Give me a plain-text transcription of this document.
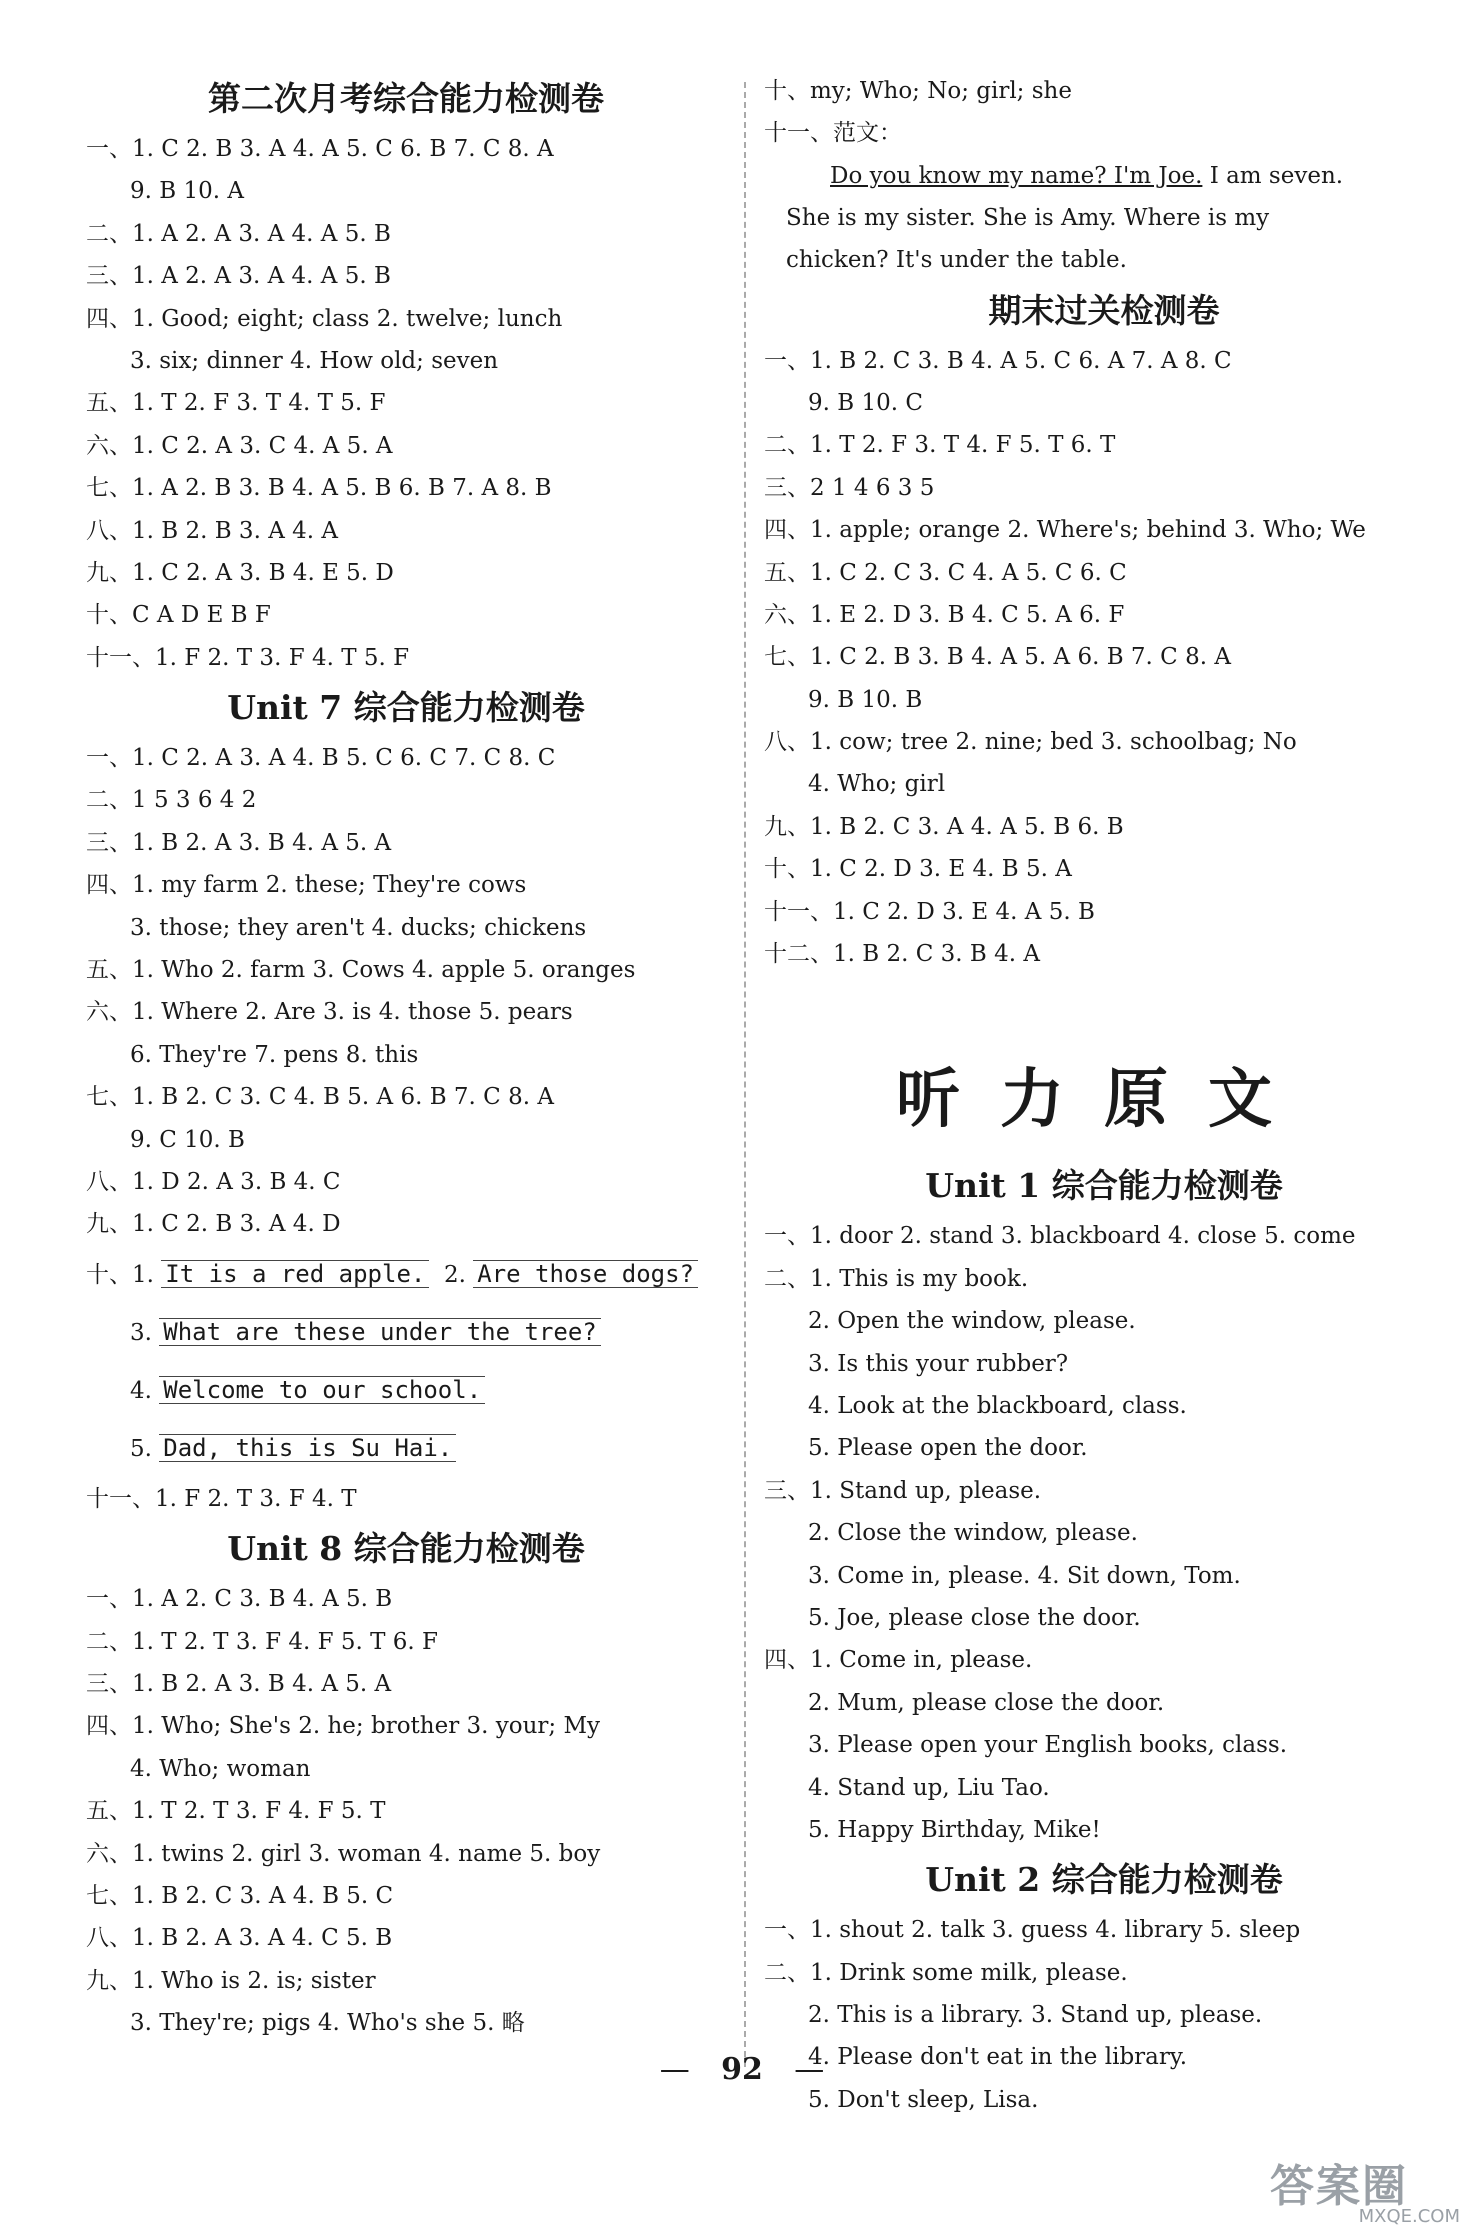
第二次月考综合能力检测卷
一、1. C 2. B 3. A 4. A 5. C 6. B 7. C 8. A
9. B 10. A
二、1. A 2. A 3. A 4. A 5. B
三、1. A 2. A 3. A 4. A 5. B
四、1. Good; eight; class 2. twelve; lunch
3. six; dinner 4. How old; seven
五、1. T 2. F 3. T 4. T 5. F
六、1. C 2. A 3. C 4. A 5. A
七、1. A 2. B 3. B 4. A 5. B 6. B 7. A 8. B
八、1. B 2. B 3. A 4. A
九、1. C 2. A 3. B 4. E 5. D
十、C A D E B F
十一、1. F 2. T 3. F 4. T 5. F
Unit 7 综合能力检测卷
一、1. C 2. A 3. A 4. B 5. C 6. C 7. C 8. C
二、1 5 3 6 4 2
三、1. B 2. A 3. B 4. A 5. A
四、1. my farm 2. these; They're cows
3. those; they aren't 4. ducks; chickens
五、1. Who 2. farm 3. Cows 4. apple 5. oranges
六、1. Where 2. Are 3. is 4. those 5. pears
6. They're 7. pens 8. this
七、1. B 2. C 3. C 4. B 5. A 6. B 7. C 8. A
9. C 10. B
八、1. D 2. A 3. B 4. C
九、1. C 2. B 3. A 4. D
十、1. It is a red apple. 2. Are those dogs?
3. What are these under the tree?
4. Welcome to our school.
5. Dad, this is Su Hai.
十一、1. F 2. T 3. F 4. T
Unit 8 综合能力检测卷
一、1. A 2. C 3. B 4. A 5. B
二、1. T 2. T 3. F 4. F 5. T 6. F
三、1. B 2. A 3. B 4. A 5. A
四、1. Who; She's 2. he; brother 3. your; My
4. Who; woman
五、1. T 2. T 3. F 4. F 5. T
六、1. twins 2. girl 3. woman 4. name 5. boy
七、1. B 2. C 3. A 4. B 5. C
八、1. B 2. A 3. A 4. C 5. B
九、1. Who is 2. is; sister
3. They're; pigs 4. Who's she 5. 略
十、my; Who; No; girl; she
十一、范文：
Do you know my name? I'm Joe. I am seven.
She is my sister. She is Amy. Where is my
chicken? It's under the table.
期末过关检测卷
一、1. B 2. C 3. B 4. A 5. C 6. A 7. A 8. C
9. B 10. C
二、1. T 2. F 3. T 4. F 5. T 6. T
三、2 1 4 6 3 5
四、1. apple; orange 2. Where's; behind 3. Who; We
五、1. C 2. C 3. C 4. A 5. C 6. C
六、1. E 2. D 3. B 4. C 5. A 6. F
七、1. C 2. B 3. B 4. A 5. A 6. B 7. C 8. A
9. B 10. B
八、1. cow; tree 2. nine; bed 3. schoolbag; No
4. Who; girl
九、1. B 2. C 3. A 4. A 5. B 6. B
十、1. C 2. D 3. E 4. B 5. A
十一、1. C 2. D 3. E 4. A 5. B
十二、1. B 2. C 3. B 4. A
听力原文
Unit 1 综合能力检测卷
一、1. door 2. stand 3. blackboard 4. close 5. come
二、1. This is my book.
2. Open the window, please.
3. Is this your rubber?
4. Look at the blackboard, class.
5. Please open the door.
三、1. Stand up, please.
2. Close the window, please.
3. Come in, please. 4. Sit down, Tom.
5. Joe, please close the door.
四、1. Come in, please.
2. Mum, please close the door.
3. Please open your English books, class.
4. Stand up, Liu Tao.
5. Happy Birthday, Mike!
Unit 2 综合能力检测卷
一、1. shout 2. talk 3. guess 4. library 5. sleep
二、1. Drink some milk, please.
2. This is a library. 3. Stand up, please.
4. Please don't eat in the library.
5. Don't sleep, Lisa.
— 92 —
答案圈
MXQE.COM
